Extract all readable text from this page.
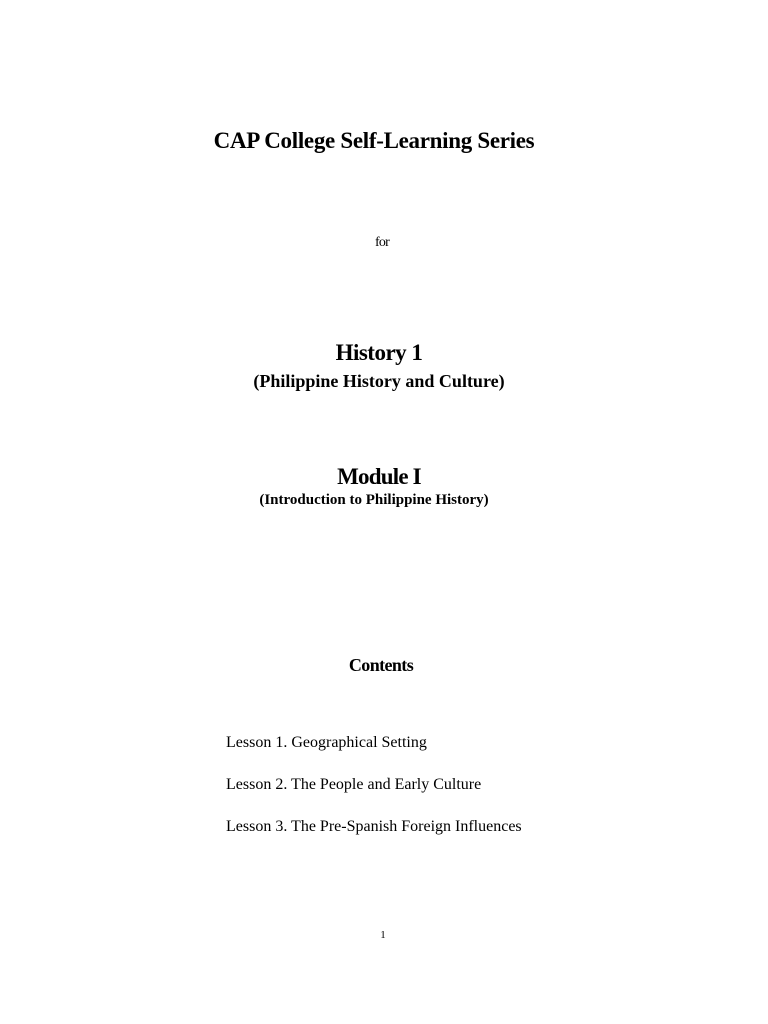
CAP College Self-Learning Series
for
History 1
(Philippine History and Culture)
Module I
(Introduction to Philippine History)
Contents
Lesson 1. Geographical Setting
Lesson 2. The People and Early Culture
Lesson 3. The Pre-Spanish Foreign Influences
1
